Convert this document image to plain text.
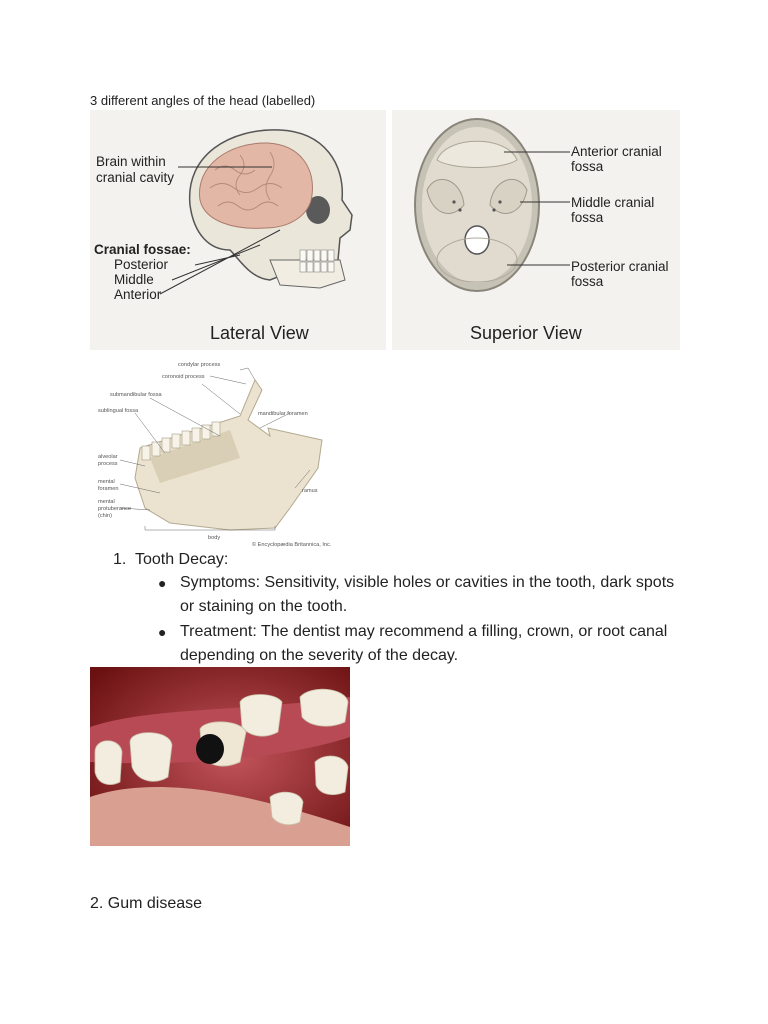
3 different angles of the head (labelled)
Brain within
cranial cavity
Cranial fossae:
Posterior
Middle
Anterior
Lateral View
Anterior cranial
fossa
Middle cranial
fossa
Posterior cranial
fossa
Superior View
condylar process
coronoid process
submandibular fossa
sublingual fossa	mandibular foramen
alveolar
process
mental
foramen
mental
protuberance
(chin)
ramus
body
© Encyclopædia Britannica, Inc.
1. Tooth Decay:
● Symptoms: Sensitivity, visible holes or cavities in the tooth, dark spots or staining on the tooth.
● Treatment: The dentist may recommend a filling, crown, or root canal depending on the severity of the decay.
2. Gum disease
